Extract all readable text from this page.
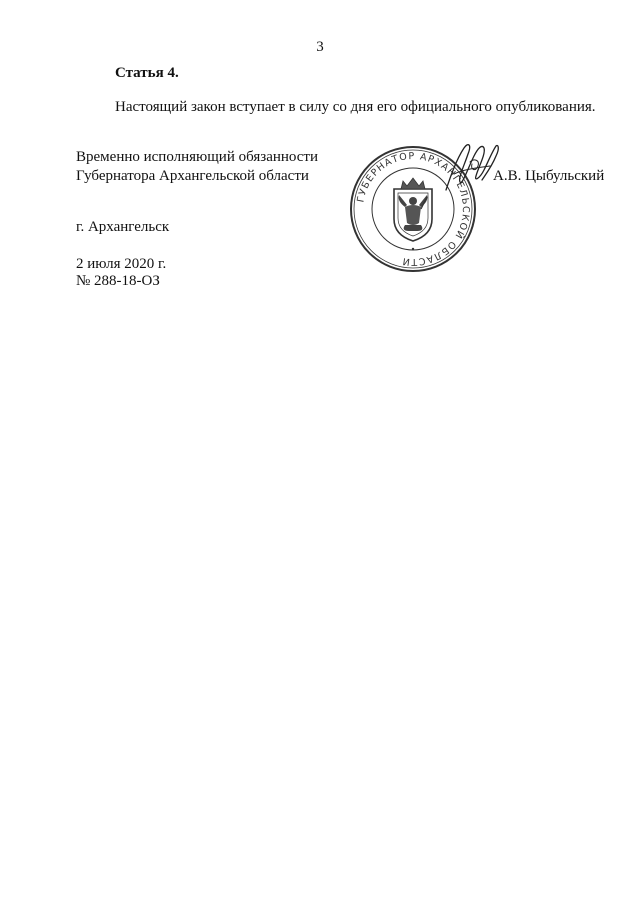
3
Статья 4.
Настоящий закон вступает в силу со дня его официального опубликования.
Временно исполняющий обязанности
Губернатора Архангельской области
ГУБЕРНАТОР АРХАНГЕЛЬСКОЙ ОБЛАСТИ
А.В. Цыбульский
г. Архангельск
2 июля 2020 г.
№ 288-18-ОЗ
